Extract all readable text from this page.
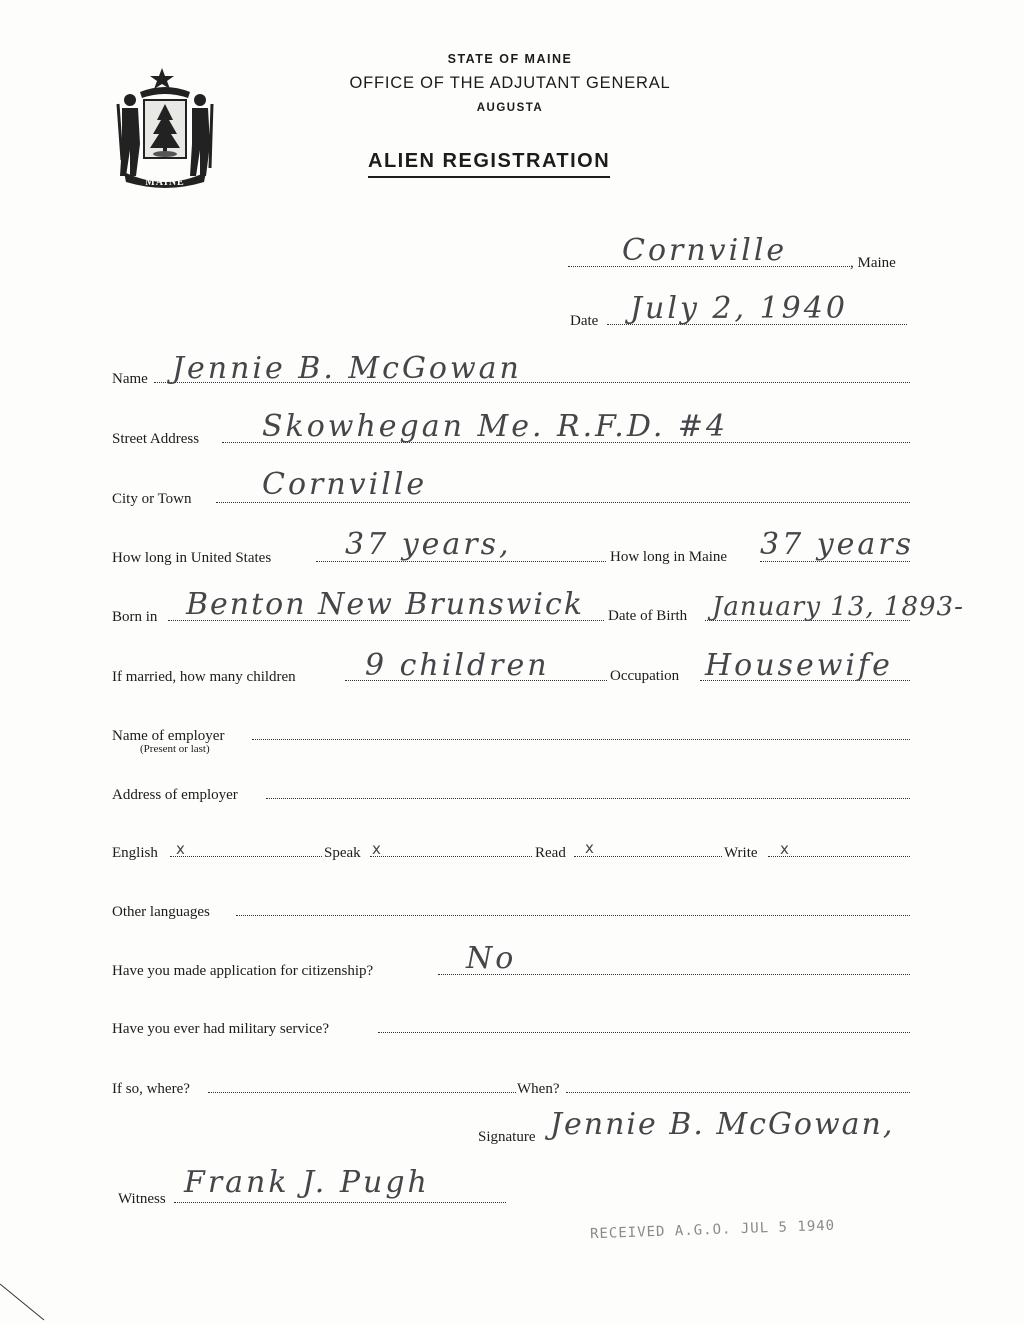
MAINE
STATE OF MAINE
OFFICE OF THE ADJUTANT GENERAL
AUGUSTA
ALIEN REGISTRATION
Cornville	, Maine
Date July 2, 1940
Name Jennie B. McGowan
Street Address Skowhegan Me. R.F.D. #4
City or Town Cornville
How long in United States 37 years,	How long in Maine 37 years
Born in Benton New Brunswick Date of Birth January 13, 1893-
If married, how many children 9 children	Occupation Housewife
Name of employer
(Present or last)
Address of employer
English x	Speak x	Read x	Write x
Other languages
Have you made application for citizenship?	No
Have you ever had military service?
If so, where?	When?
Signature Jennie B. McGowan,
Witness Frank J. Pugh
RECEIVED A.G.O. JUL 5 1940
